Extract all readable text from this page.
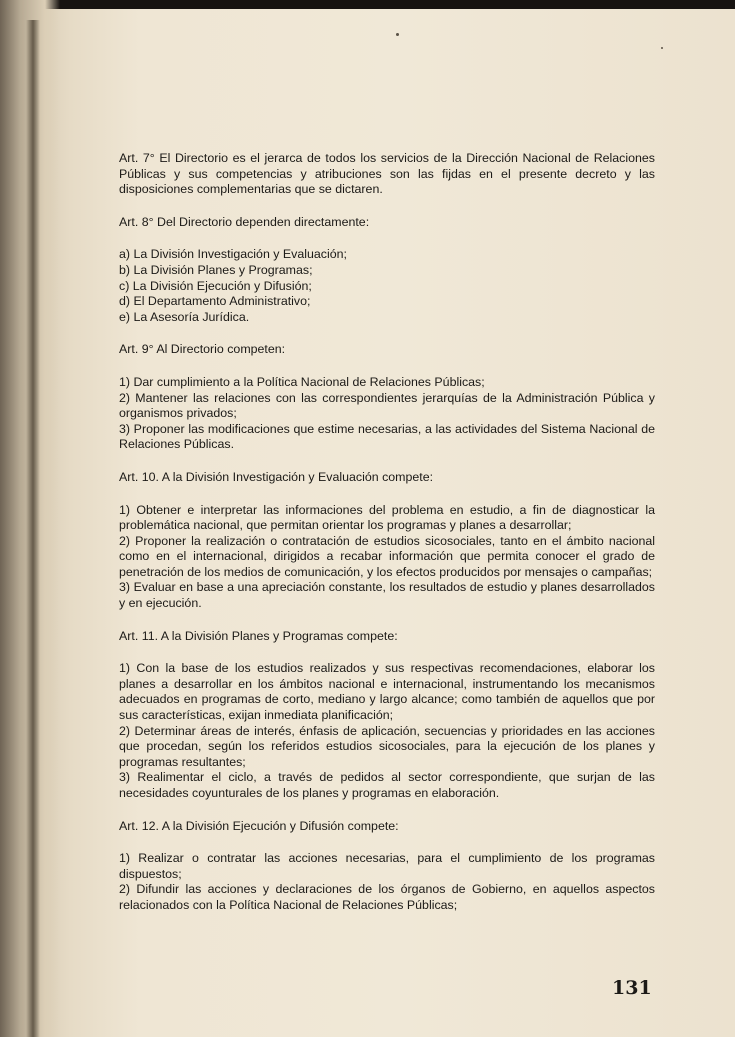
Art. 7° El Directorio es el jerarca de todos los servicios de la Dirección Nacional de Relaciones Públicas y sus competencias y atribuciones son las fijdas en el presente decreto y las disposiciones complementarias que se dictaren.

Art. 8° Del Directorio dependen directamente:

a) La División Investigación y Evaluación;
b) La División Planes y Programas;
c) La División Ejecución y Difusión;
d) El Departamento Administrativo;
e) La Asesoría Jurídica.

Art. 9° Al Directorio competen:

1) Dar cumplimiento a la Política Nacional de Relaciones Públicas;
2) Mantener las relaciones con las correspondientes jerarquías de la Administración Pública y organismos privados;
3) Proponer las modificaciones que estime necesarias, a las actividades del Sistema Nacional de Relaciones Públicas.

Art. 10. A la División Investigación y Evaluación compete:

1) Obtener e interpretar las informaciones del problema en estudio, a fin de diagnosticar la problemática nacional, que permitan orientar los programas y planes a desarrollar;
2) Proponer la realización o contratación de estudios sicosociales, tanto en el ámbito nacional como en el internacional, dirigidos a recabar información que permita conocer el grado de penetración de los medios de comunicación, y los efectos producidos por mensajes o campañas;
3) Evaluar en base a una apreciación constante, los resultados de estudio y planes desarrollados y en ejecución.

Art. 11. A la División Planes y Programas compete:

1) Con la base de los estudios realizados y sus respectivas recomendaciones, elaborar los planes a desarrollar en los ámbitos nacional e internacional, instrumentando los mecanismos adecuados en programas de corto, mediano y largo alcance; como también de aquellos que por sus características, exijan inmediata planificación;
2) Determinar áreas de interés, énfasis de aplicación, secuencias y prioridades en las acciones que procedan, según los referidos estudios sicosociales, para la ejecución de los planes y programas resultantes;
3) Realimentar el ciclo, a través de pedidos al sector correspondiente, que surjan de las necesidades coyunturales de los planes y programas en elaboración.

Art. 12. A la División Ejecución y Difusión compete:

1) Realizar o contratar las acciones necesarias, para el cumplimiento de los programas dispuestos;
2) Difundir las acciones y declaraciones de los órganos de Gobierno, en aquellos aspectos relacionados con la Política Nacional de Relaciones Públicas;
131
